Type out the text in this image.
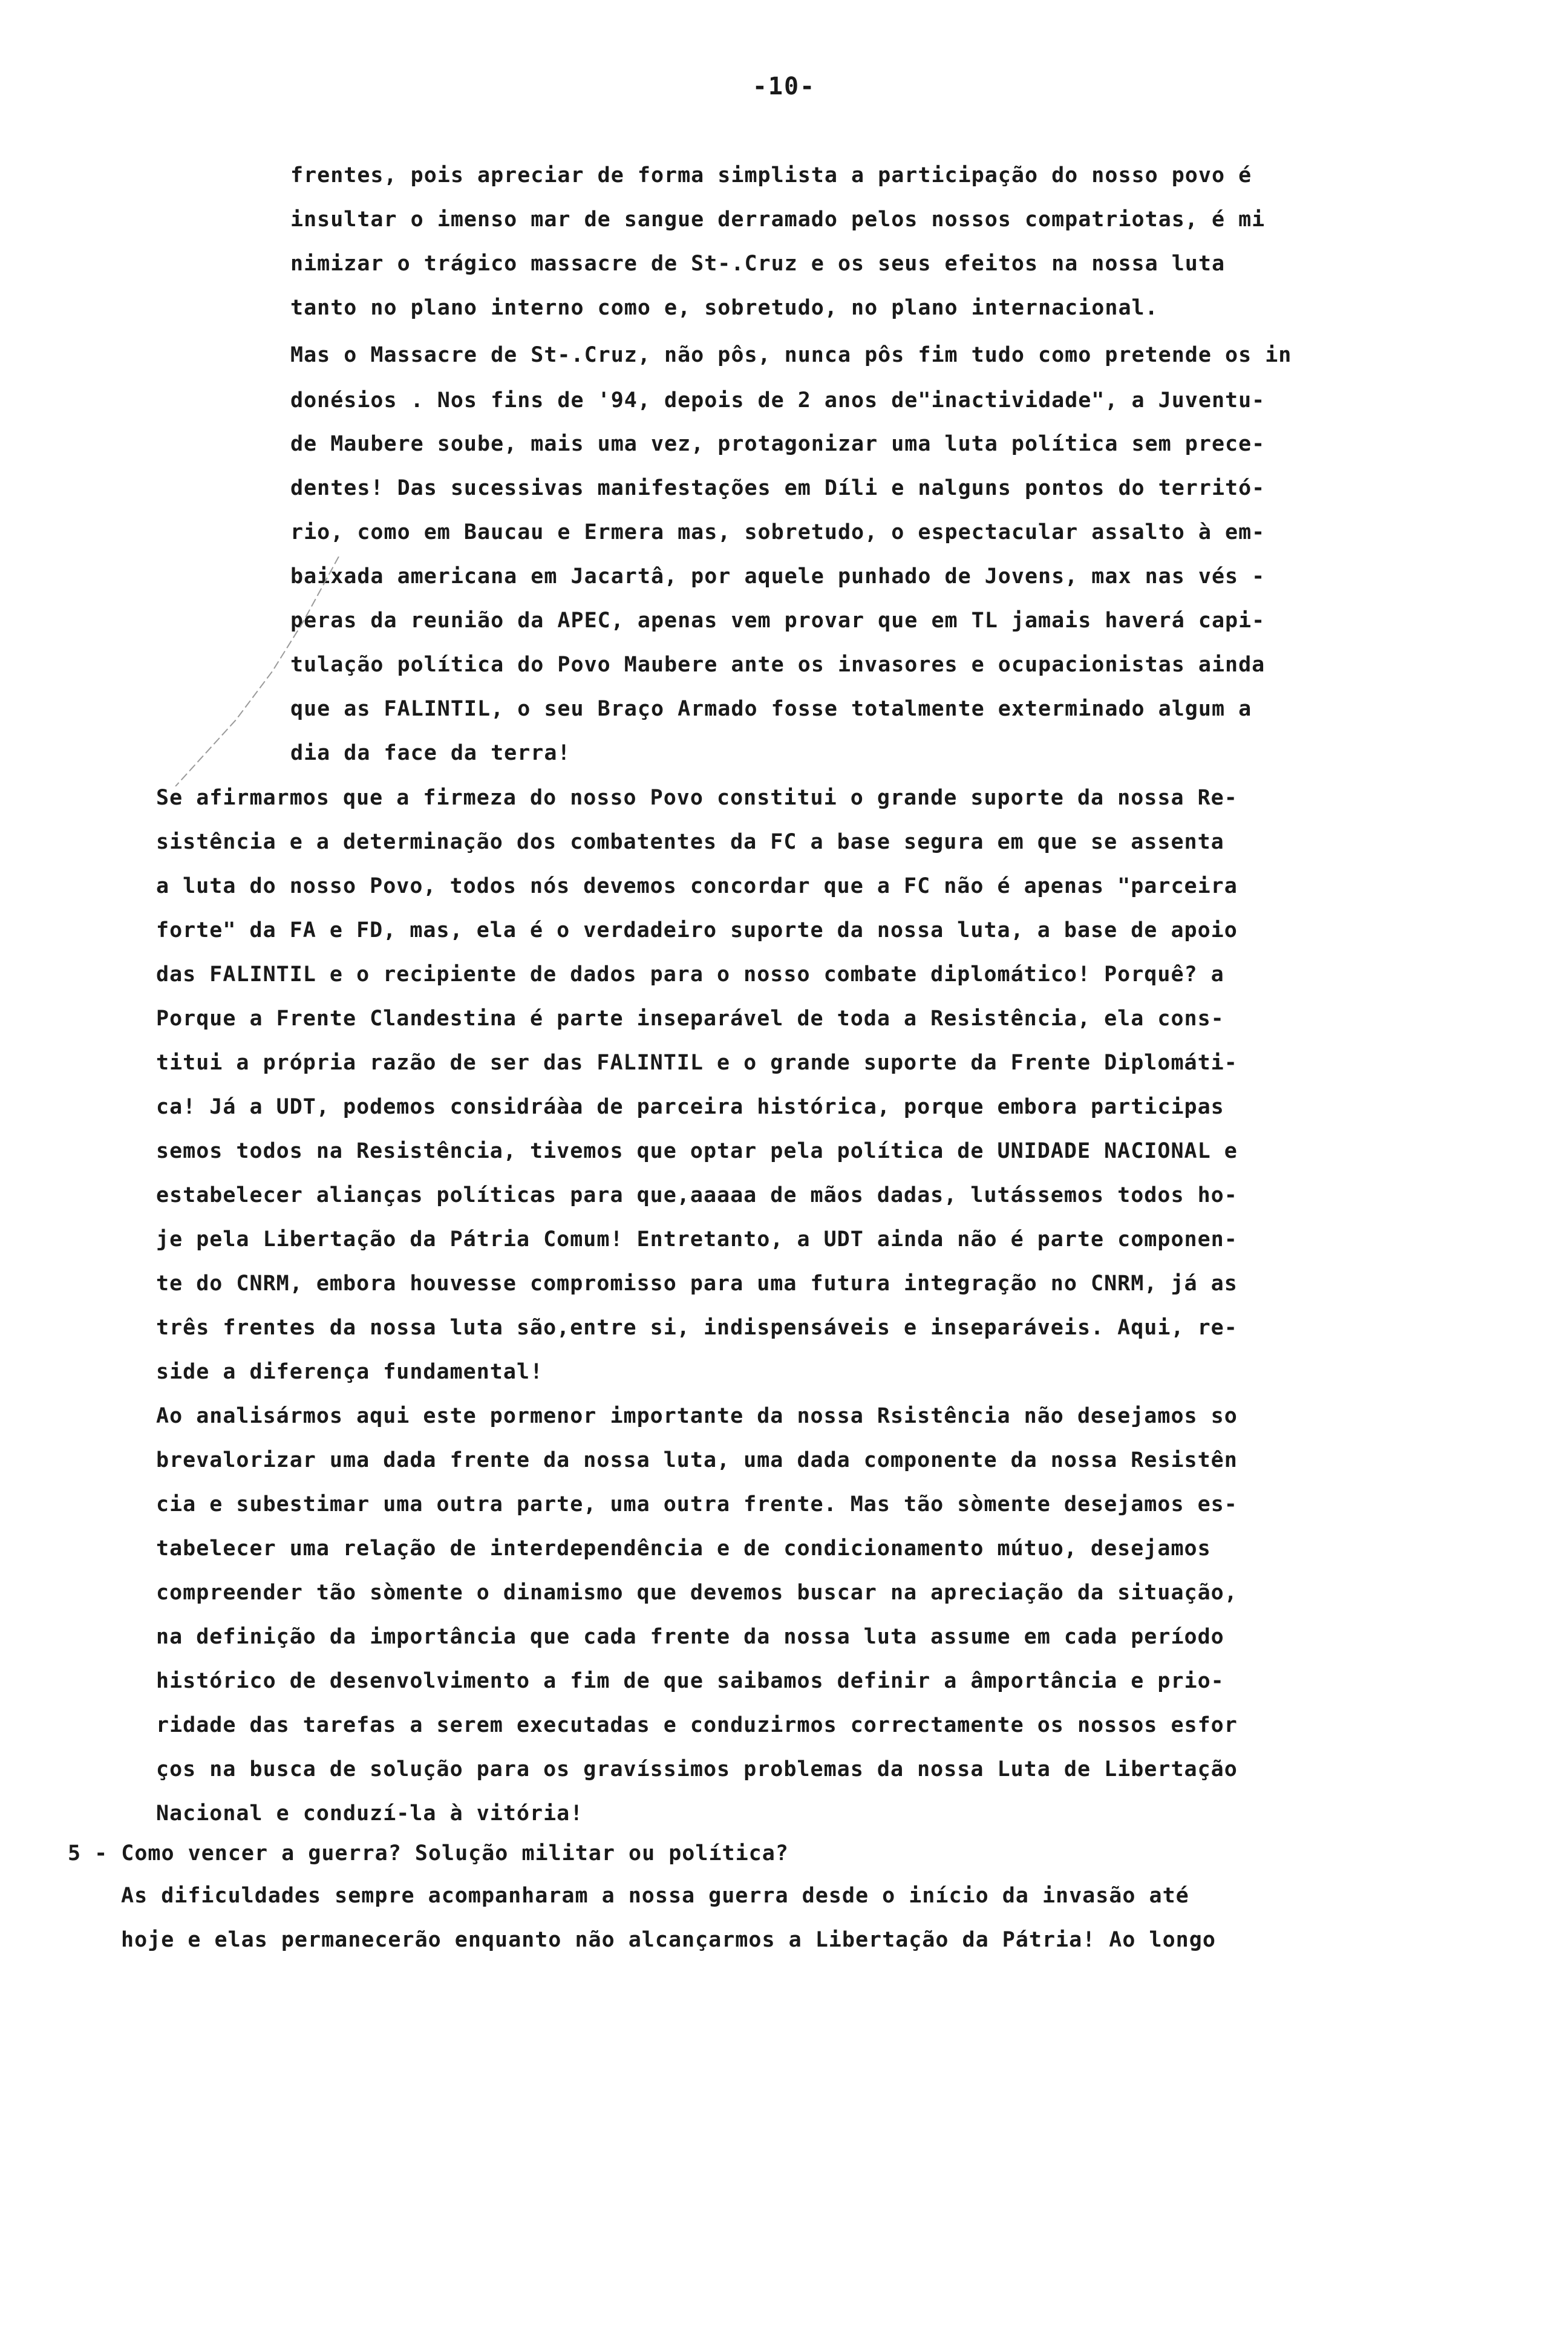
-10-
frentes, pois apreciar de forma simplista a participação do nosso povo é
insultar o imenso mar de sangue derramado pelos nossos compatriotas, é mi
nimizar o trágico massacre de St-.Cruz e os seus efeitos na nossa luta
tanto no plano interno como e, sobretudo, no plano internacional.
Mas o Massacre de St-.Cruz, não pôs, nunca pôs fim tudo como pretende os in
donésios . Nos fins de '94, depois de 2 anos de"inactividade", a Juventu-
de Maubere soube, mais uma vez, protagonizar uma luta política sem prece-
dentes! Das sucessivas manifestações em Díli e nalguns pontos do territó-
rio, como em Baucau e Ermera mas, sobretudo, o espectacular assalto à em-
baixada americana em Jacartâ, por aquele punhado de Jovens, max nas vés -
peras da reunião da APEC, apenas vem provar que em TL jamais haverá capi-
tulação política do Povo Maubere ante os invasores e ocupacionistas ainda
que as FALINTIL, o seu Braço Armado fosse totalmente exterminado algum a
dia da face da terra!
Se afirmarmos que a firmeza do nosso Povo constitui o grande suporte da nossa Re-
sistência e a determinação dos combatentes da FC a base segura em que se assenta
a luta do nosso Povo, todos nós devemos concordar que a FC não é apenas "parceira
forte" da FA e FD, mas, ela é o verdadeiro suporte da nossa luta, a base de apoio
das FALINTIL e o recipiente de dados para o nosso combate diplomático! Porquê? a
Porque a Frente Clandestina é parte inseparável de toda a Resistência, ela cons-
titui a própria razão de ser das FALINTIL e o grande suporte da Frente Diplomáti-
ca! Já a UDT, podemos considráàa de parceira histórica, porque embora participas
semos todos na Resistência, tivemos que optar pela política de UNIDADE NACIONAL e
estabelecer alianças políticas para que,aaaaa de mãos dadas, lutássemos todos ho-
je pela Libertação da Pátria Comum! Entretanto, a UDT ainda não é parte componen-
te do CNRM, embora houvesse compromisso para uma futura integração no CNRM, já as
três frentes da nossa luta são,entre si, indispensáveis e inseparáveis. Aqui, re-
side a diferença fundamental!
Ao analisármos aqui este pormenor importante da nossa Rsistência não desejamos so
brevalorizar uma dada frente da nossa luta, uma dada componente da nossa Resistên
cia e subestimar uma outra parte, uma outra frente. Mas tão sòmente desejamos es-
tabelecer uma relação de interdependência e de condicionamento mútuo, desejamos
compreender tão sòmente o dinamismo que devemos buscar na apreciação da situação,
na definição da importância que cada frente da nossa luta assume em cada período
histórico de desenvolvimento a fim de que saibamos definir a âmportância e prio-
ridade das tarefas a serem executadas e conduzirmos correctamente os nossos esfor
ços na busca de solução para os gravíssimos problemas da nossa Luta de Libertação
Nacional e conduzí-la à vitória!
5 - Como vencer a guerra? Solução militar ou política?
As dificuldades sempre acompanharam a nossa guerra desde o início da invasão até
hoje e elas permanecerão enquanto não alcançarmos a Libertação da Pátria! Ao longo
